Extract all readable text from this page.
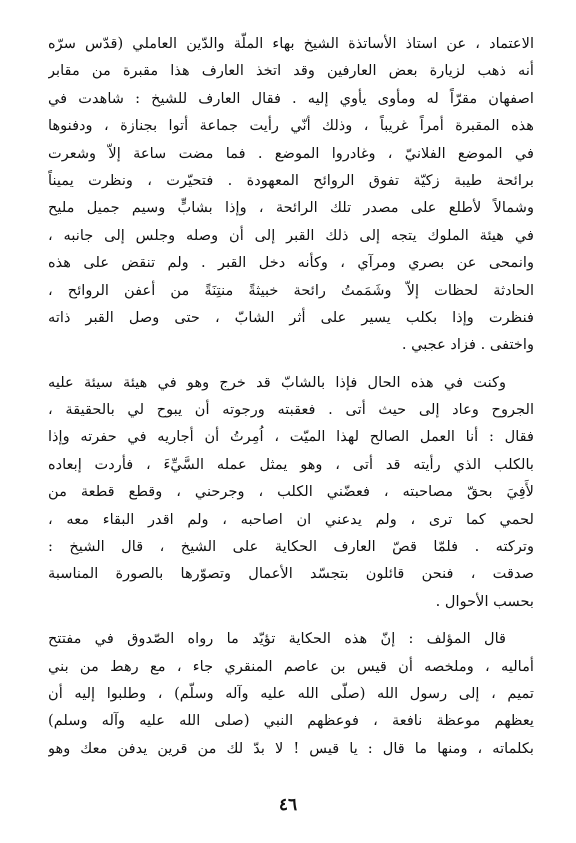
الاعتماد ، عن استاذ الأساتذة الشيخ بهاء الملّة والدّين العاملي (قدّس سرّه
أنه ذهب لزيارة بعض العارفين وقد اتخذ العارف هذا مقبرة من مقابر
اصفهان مقرّاً له ومأوى يأوي إليه . فقال العارف للشيخ : شاهدت في
هذه المقبرة أمراً غريباً ، وذلك أنّي رأيت جماعة أتوا بجنازة ، ودفنوها
في الموضع الفلانيّ ، وغادروا الموضع . فما مضت ساعة إلاّ وشعرت
برائحة طيبة زكيّة تفوق الروائح المعهودة . فتحيّرت ، ونظرت يميناً
وشمالاً لأطلع على مصدر تلك الرائحة ، وإذا بشابٍّ وسيم جميل مليح
في هيئة الملوك يتجه إلى ذلك القبر إلى أن وصله وجلس إلى جانبه ،
وانمحى عن بصري ومرآي ، وكأنه دخل القبر . ولم تنقض على هذه
الحادثة لحظات إلاّ وشَمَمتُ رائحة خبيثةً منتِنَةً من أعفن الروائح ،
فنظرت وإذا بكلب يسير على أثر الشابّ ، حتى وصل القبر ذاته
واختفى . فزاد عجبي .
وكنت في هذه الحال فإذا بالشابّ قد خرج وهو في هيئة سيئة عليه
الجروح وعاد إلى حيث أتى . فعقبته ورجوته أن يبوح لي بالحقيقة ،
فقال : أنا العمل الصالح لهذا الميّت ، اُمِرتُ أن أجاريه في حفرته وإذا
بالكلب الذي رأيته قد أتى ، وهو يمثل عمله السَّيِّءَ ، فأردت إبعاده
لأَفِيَ بحقّ مصاحبته ، فعضّني الكلب ، وجرحني ، وقطع قطعة من
لحمي كما ترى ، ولم يدعني ان اصاحبه ، ولم اقدر البقاء معه ،
وتركته . فلمّا قصّ العارف الحكاية على الشيخ ، قال الشيخ :
صدقت ، فنحن قائلون بتجسّد الأعمال وتصوّرها بالصورة المناسبة
بحسب الأحوال .
قال المؤلف : إنّ هذه الحكاية تؤيّد ما رواه الصّدوق في مفتتح
أماليه ، وملخصه أن قيس بن عاصم المنقري جاء ، مع رهط من بني
تميم ، إلى رسول الله (صلّى الله عليه وآله وسلّم) ، وطلبوا إليه أن
يعظهم موعظة نافعة ، فوعظهم النبي (صلى الله عليه وآله وسلم)
بكلماته ، ومنها ما قال : يا قيس ! لا بدّ لك من قرين يدفن معك وهو
٤٦
